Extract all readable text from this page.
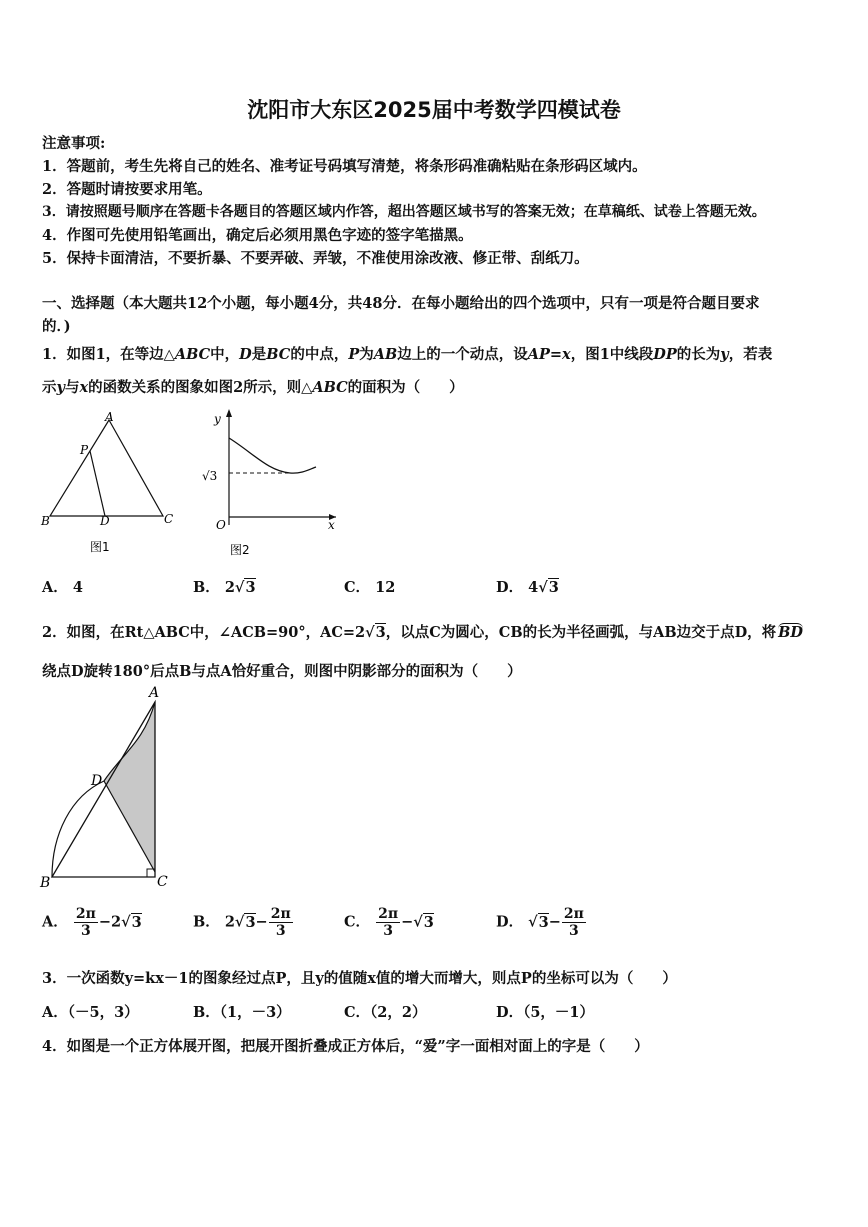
沈阳市大东区2025届中考数学四模试卷
注意事项:
1．答题前，考生先将自己的姓名、准考证号码填写清楚，将条形码准确粘贴在条形码区域内。
2．答题时请按要求用笔。
3．请按照题号顺序在答题卡各题目的答题区域内作答，超出答题区域书写的答案无效；在草稿纸、试卷上答题无效。
4．作图可先使用铅笔画出，确定后必须用黑色字迹的签字笔描黑。
5．保持卡面清洁，不要折暴、不要弄破、弄皱，不准使用涂改液、修正带、刮纸刀。
一、选择题（本大题共12个小题，每小题4分，共48分．在每小题给出的四个选项中，只有一项是符合题目要求
的．)
1．如图1，在等边△ABC中，D是BC的中点，P为AB边上的一个动点，设AP=x，图1中线段DP的长为y，若表
示y与x的函数关系的图象如图2所示，则△ABC的面积为（　　）
A
P
B	D	C
图1
y
√3
O	x
图2
A． 4	B． 2√3	C． 12	D． 4√3
2．如图，在Rt△ABC中，∠ACB=90°，AC=2√3，以点C为圆心，CB的长为半径画弧，与AB边交于点D，将 BD
绕点D旋转180°后点B与点A恰好重合，则图中阴影部分的面积为（　　）
A
D
B	C
A． $\frac{2\pi}{3} -2√3$	B． $2√3- \frac{2\pi}{3}$	C． $\frac{2\pi}{3} -√3$	D． $√3- \frac{2\pi}{3}$
3．一次函数y=kx－1的图象经过点P，且y的值随x值的增大而增大，则点P的坐标可以为（　　）
A．（－5，3）	B．（1，－3）	C．（2，2）	D．（5，－1）
4．如图是一个正方体展开图，把展开图折叠成正方体后，“爱”字一面相对面上的字是（　　）
